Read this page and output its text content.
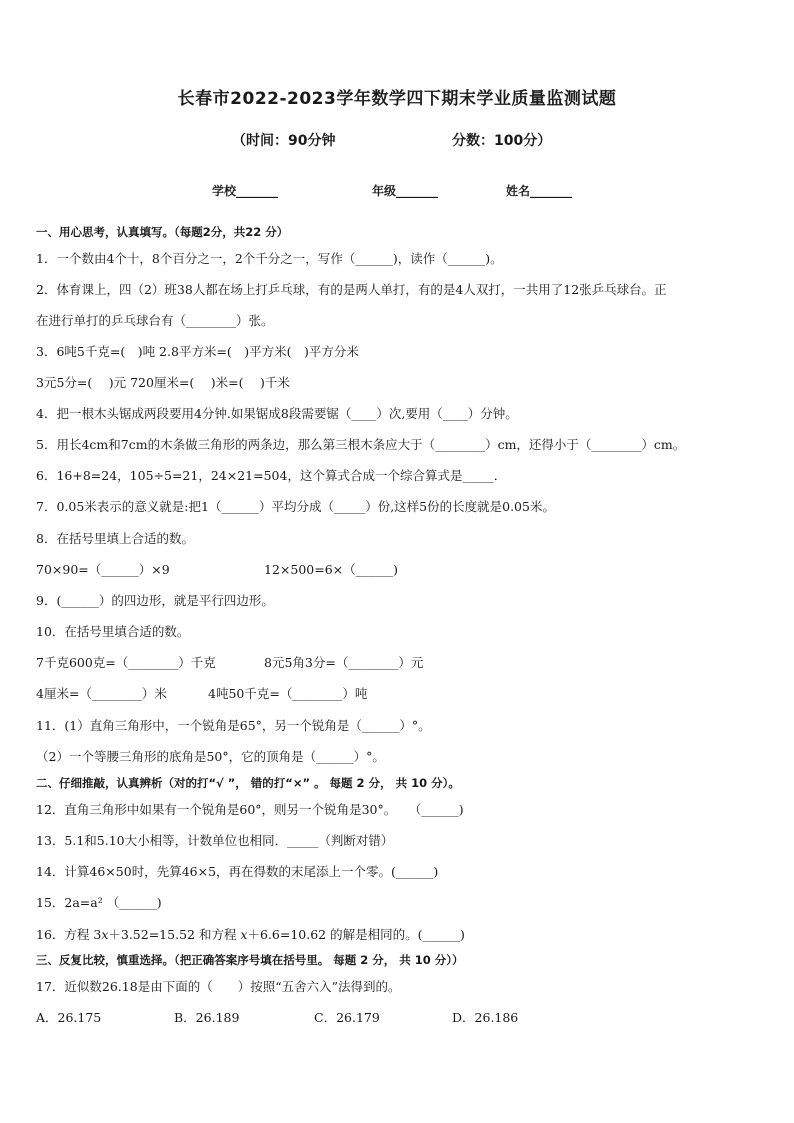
长春市2022-2023学年数学四下期末学业质量监测试题
（时间：90分钟	分数：100分）
学校_______	年级_______	姓名_______
一、用心思考，认真填写。（每题2分，共22 分）
1．一个数由4个十，8个百分之一，2个千分之一，写作（______)，读作（______)。
2．体育课上，四（2）班38人都在场上打乒乓球，有的是两人单打，有的是4人双打，一共用了12张乒乓球台。正
在进行单打的乒乓球台有（________）张。
3．6吨5千克=(　)吨 2.8平方米=(　)平方米(　)平方分米
3元5分=(　 )元 720厘米=(　 )米=(　 )千米
4．把一根木头锯成两段要用4分钟.如果锯成8段需要锯（____）次,要用（____）分钟。
5．用长4cm和7cm的木条做三角形的两条边，那么第三根木条应大于（________）cm，还得小于（________）cm。
6．16+8=24，105÷5=21，24×21=504，这个算式合成一个综合算式是_____．
7．0.05米表示的意义就是:把1（______）平均分成（_____）份,这样5份的长度就是0.05米。
8．在括号里填上合适的数。
70×90=（______）×9	12×500=6×（______)
9．(______）的四边形，就是平行四边形。
10．在括号里填合适的数。
7千克600克=（________）千克	8元5角3分=（________）元
4厘米=（________）米	4吨50千克=（________）吨
11．(1）直角三角形中，一个锐角是65°，另一个锐角是（______）°。
（2）一个等腰三角形的底角是50°，它的顶角是（______）°。
二、仔细推敲，认真辨析（对的打“√ ”， 错的打“×” 。 每题 2 分， 共 10 分）。
12．直角三角形中如果有一个锐角是60°，则另一个锐角是30°。　　（______)
13．5.1和5.10大小相等，计数单位也相同．_____（判断对错）
14．计算46×50时，先算46×5，再在得数的末尾添上一个零。(______)
15．2a=a² （______)
16．方程 3𝑥＋3.52=15.52 和方程 𝑥＋6.6=10.62 的解是相同的。(______)
三、反复比较，慎重选择。（把正确答案序号填在括号里。 每题 2 分， 共 10 分））
17．近似数26.18是由下面的（　　）按照“五舍六入”法得到的。
A．26.175	B．26.189	C．26.179	D．26.186
